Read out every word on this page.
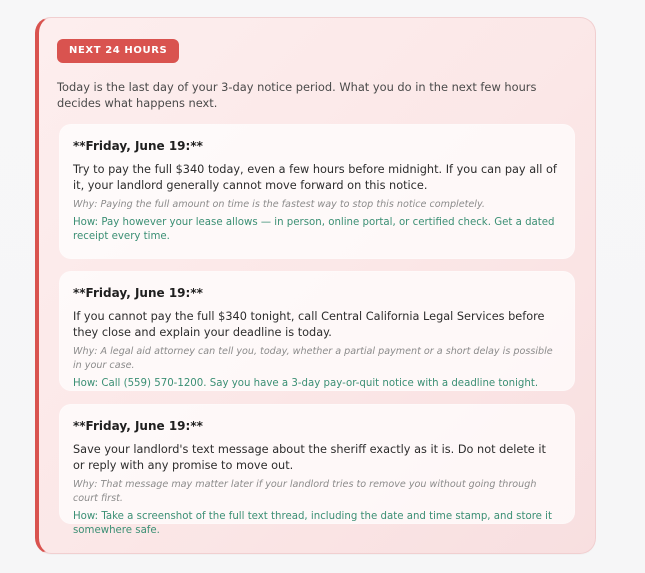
NEXT 24 HOURS
Today is the last day of your 3-day notice period. What you do in the next few hours decides what happens next.
**Friday, June 19:**
Try to pay the full $340 today, even a few hours before midnight. If you can pay all of it, your landlord generally cannot move forward on this notice.
Why: Paying the full amount on time is the fastest way to stop this notice completely.
How: Pay however your lease allows — in person, online portal, or certified check. Get a dated receipt every time.
**Friday, June 19:**
If you cannot pay the full $340 tonight, call Central California Legal Services before they close and explain your deadline is today.
Why: A legal aid attorney can tell you, today, whether a partial payment or a short delay is possible in your case.
How: Call (559) 570-1200. Say you have a 3-day pay-or-quit notice with a deadline tonight.
**Friday, June 19:**
Save your landlord's text message about the sheriff exactly as it is. Do not delete it or reply with any promise to move out.
Why: That message may matter later if your landlord tries to remove you without going through court first.
How: Take a screenshot of the full text thread, including the date and time stamp, and store it somewhere safe.
